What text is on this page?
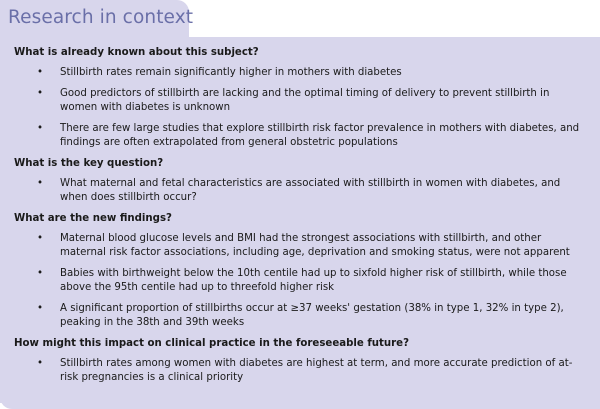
Research in context
What is already known about this subject?
• Stillbirth rates remain significantly higher in mothers with diabetes
• Good predictors of stillbirth are lacking and the optimal timing of delivery to prevent stillbirth in women with diabetes is unknown
• There are few large studies that explore stillbirth risk factor prevalence in mothers with diabetes, and findings are often extrapolated from general obstetric populations
What is the key question?
• What maternal and fetal characteristics are associated with stillbirth in women with diabetes, and when does stillbirth occur?
What are the new findings?
• Maternal blood glucose levels and BMI had the strongest associations with stillbirth, and other maternal risk factor associations, including age, deprivation and smoking status, were not apparent
• Babies with birthweight below the 10th centile had up to sixfold higher risk of stillbirth, while those above the 95th centile had up to threefold higher risk
• A significant proportion of stillbirths occur at ≥37 weeks' gestation (38% in type 1, 32% in type 2), peaking in the 38th and 39th weeks
How might this impact on clinical practice in the foreseeable future?
• Stillbirth rates among women with diabetes are highest at term, and more accurate prediction of at-risk pregnancies is a clinical priority
